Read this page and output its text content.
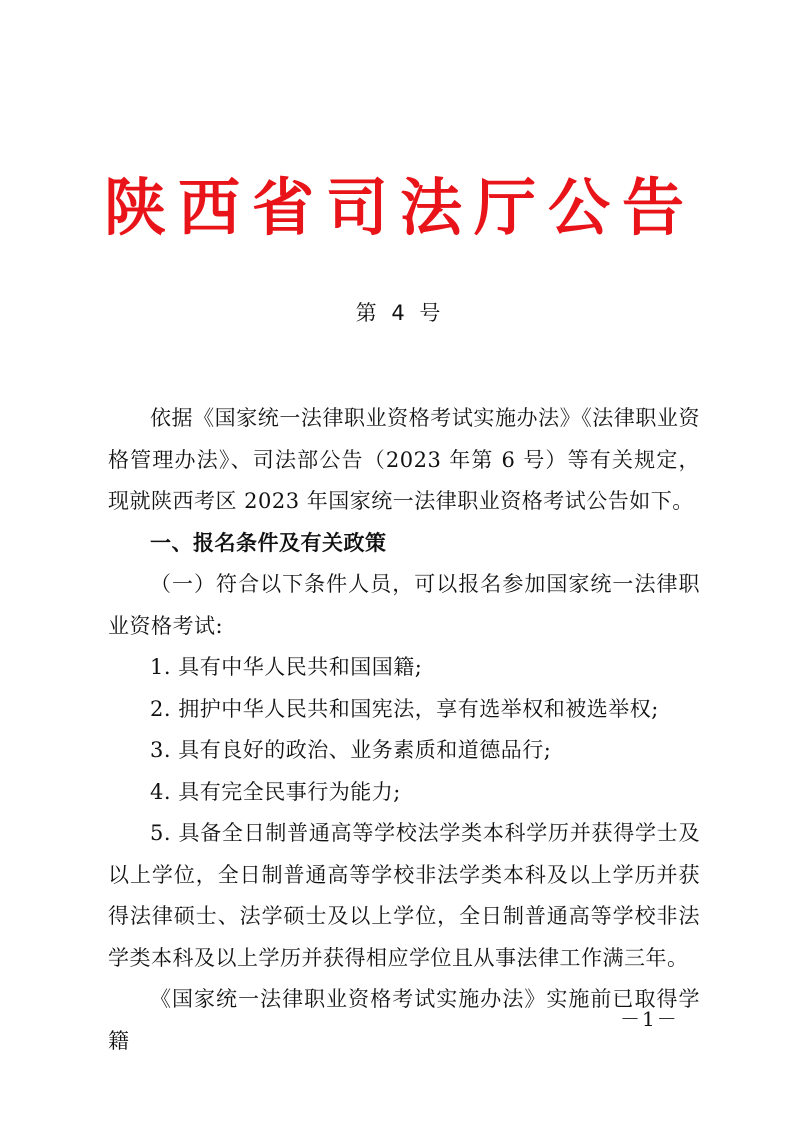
陕西省司法厅公告
第 4 号

依据《国家统一法律职业资格考试实施办法》《法律职业资格管理办法》、司法部公告（2023 年第 6 号）等有关规定，现就陕西考区 2023 年国家统一法律职业资格考试公告如下。

一、报名条件及有关政策

（一）符合以下条件人员，可以报名参加国家统一法律职业资格考试:

1. 具有中华人民共和国国籍;

2. 拥护中华人民共和国宪法，享有选举权和被选举权;

3. 具有良好的政治、业务素质和道德品行;

4. 具有完全民事行为能力;

5. 具备全日制普通高等学校法学类本科学历并获得学士及以上学位，全日制普通高等学校非法学类本科及以上学历并获得法律硕士、法学硕士及以上学位，全日制普通高等学校非法学类本科及以上学历并获得相应学位且从事法律工作满三年。

《国家统一法律职业资格考试实施办法》实施前已取得学籍

－1－
